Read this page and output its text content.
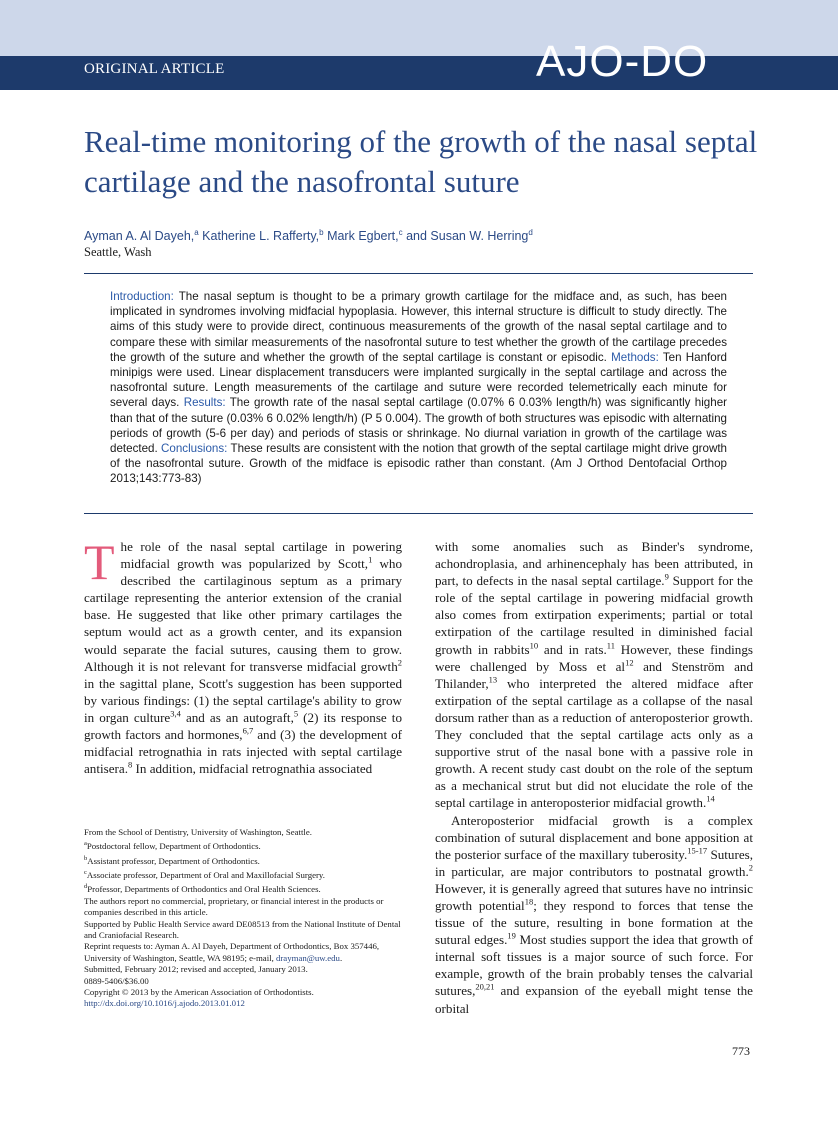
ORIGINAL ARTICLE	AJO-DO
Real-time monitoring of the growth of the nasal septal cartilage and the nasofrontal suture
Ayman A. Al Dayeh,$^a$ Katherine L. Rafferty,$^b$ Mark Egbert,$^c$ and Susan W. Herring$^d$
Seattle, Wash
Introduction: The nasal septum is thought to be a primary growth cartilage for the midface and, as such, has been implicated in syndromes involving midfacial hypoplasia. However, this internal structure is difficult to study directly. The aims of this study were to provide direct, continuous measurements of the growth of the nasal septal cartilage and to compare these with similar measurements of the nasofrontal suture to test whether the growth of the cartilage precedes the growth of the suture and whether the growth of the septal cartilage is constant or episodic. Methods: Ten Hanford minipigs were used. Linear displacement transducers were implanted surgically in the septal cartilage and across the nasofrontal suture. Length measurements of the cartilage and suture were recorded telemetrically each minute for several days. Results: The growth rate of the nasal septal cartilage (0.07% 6 0.03% length/h) was significantly higher than that of the suture (0.03% 6 0.02% length/h) (P 5 0.004). The growth of both structures was episodic with alternating periods of growth (5-6 per day) and periods of stasis or shrinkage. No diurnal variation in growth of the cartilage was detected. Conclusions: These results are consistent with the notion that growth of the septal cartilage might drive growth of the nasofrontal suture. Growth of the midface is episodic rather than constant. (Am J Orthod Dentofacial Orthop 2013;143:773-83)

The role of the nasal septal cartilage in powering midfacial growth was popularized by Scott,$^1$ who described the cartilaginous septum as a primary cartilage representing the anterior extension of the cranial base. He suggested that like other primary cartilages the septum would act as a growth center, and its expansion would separate the facial sutures, causing them to grow. Although it is not relevant for transverse midfacial growth$^2$ in the sagittal plane, Scott's suggestion has been supported by various findings: (1) the septal cartilage's ability to grow in organ culture$^{3,4}$ and as an autograft,$^5$ (2) its response to growth factors and hormones,$^{6,7}$ and (3) the development of midfacial retrognathia in rats injected with septal cartilage antisera.$^8$ In addition, midfacial retrognathia associated

with some anomalies such as Binder's syndrome, achondroplasia, and arhinencephaly has been attributed, in part, to defects in the nasal septal cartilage.$^9$ Support for the role of the septal cartilage in powering midfacial growth also comes from extirpation experiments; partial or total extirpation of the cartilage resulted in diminished facial growth in rabbits$^{10}$ and in rats.$^{11}$ However, these findings were challenged by Moss et $al^{12}$ and Stenström and Thilander,$^{13}$ who interpreted the altered midface after extirpation of the septal cartilage as a collapse of the nasal dorsum rather than as a reduction of anteroposterior growth. They concluded that the septal cartilage acts only as a supportive strut of the nasal bone with a passive role in growth. A recent study cast doubt on the role of the septum as a mechanical strut but did not elucidate the role of the septal cartilage in anteroposterior midfacial growth.$^{14}$

Anteroposterior midfacial growth is a complex combination of sutural displacement and bone apposition at the posterior surface of the maxillary tuberosity.$^{15-17}$ Sutures, in particular, are major contributors to postnatal growth.$^2$ However, it is generally agreed that sutures have no intrinsic growth potential$^{18}$; they respond to forces that tense the tissue of the suture, resulting in bone formation at the sutural edges.$^{19}$ Most studies support the idea that growth of internal soft tissues is a major source of such force. For example, growth of the brain probably tenses the calvarial sutures,$^{20,21}$ and expansion of the eyeball might tense the orbital

From the School of Dentistry, University of Washington, Seattle.
$^a$Postdoctoral fellow, Department of Orthodontics.
$^b$Assistant professor, Department of Orthodontics.
$^c$Associate professor, Department of Oral and Maxillofacial Surgery.
$^d$Professor, Departments of Orthodontics and Oral Health Sciences.
The authors report no commercial, proprietary, or financial interest in the products or companies described in this article.
Supported by Public Health Service award DE08513 from the National Institute of Dental and Craniofacial Research.
Reprint requests to: Ayman A. Al Dayeh, Department of Orthodontics, Box 357446, University of Washington, Seattle, WA 98195; e-mail, drayman@uw.edu.
Submitted, February 2012; revised and accepted, January 2013.
0889-5406/$36.00
Copyright © 2013 by the American Association of Orthodontists.
http://dx.doi.org/10.1016/j.ajodo.2013.01.012
773
